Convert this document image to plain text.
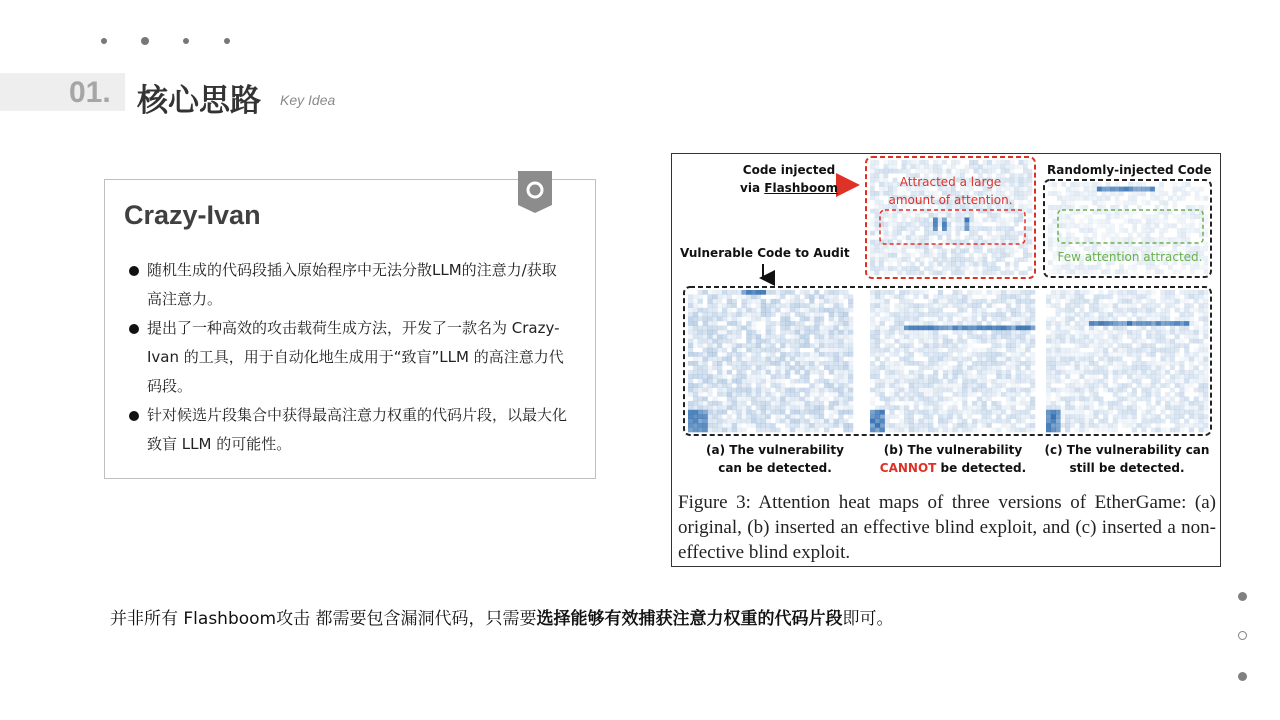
01. 核心思路 Key Idea
Crazy-Ivan
随机生成的代码段插入原始程序中无法分散LLM的注意力/获取高注意力。
提出了一种高效的攻击载荷生成方法，开发了一款名为 Crazy-Ivan 的工具，用于自动化地生成用于“致盲”LLM 的高注意力代码段。
针对候选片段集合中获得最高注意力权重的代码片段，以最大化致盲 LLM 的可能性。
Code injected
via Flashboom	Attracted a large
amount of attention.
Randomly-injected Code
Few attention attracted.
Vulnerable Code to Audit
(a) The vulnerability
can be detected.
(b) The vulnerability
CANNOT be detected.
(c) The vulnerability can
still be detected.
Figure 3: Attention heat maps of three versions of EtherGame: (a) original, (b) inserted an effective blind exploit, and (c) inserted a non-effective blind exploit.
并非所有 Flashboom攻击 都需要包含漏洞代码，只需要选择能够有效捕获注意力权重的代码片段即可。
